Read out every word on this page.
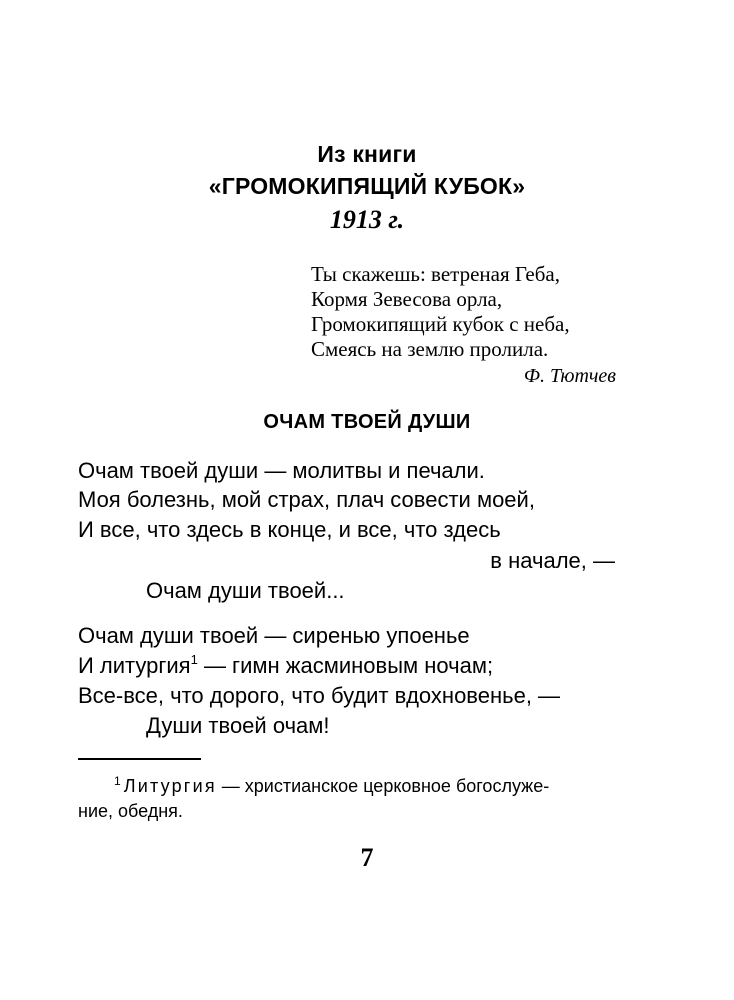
Из книги
«ГРОМОКИПЯЩИЙ КУБОК»
1913 г.
Ты скажешь: ветреная Геба,
Кормя Зевесова орла,
Громокипящий кубок с неба,
Смеясь на землю пролила.
Ф. Тютчев
ОЧАМ ТВОЕЙ ДУШИ
Очам твоей души — молитвы и печали.
Моя болезнь, мой страх, плач совести моей,
И все, что здесь в конце, и все, что здесь
в начале, —
Очам души твоей...
Очам души твоей — сиренью упоенье
И литургия$^1$ — гимн жасминовым ночам;
Все-все, что дорого, что будит вдохновенье, —
Души твоей очам!
$^1$ Литургия — христианское церковное богослуже-
ние, обедня.
7
